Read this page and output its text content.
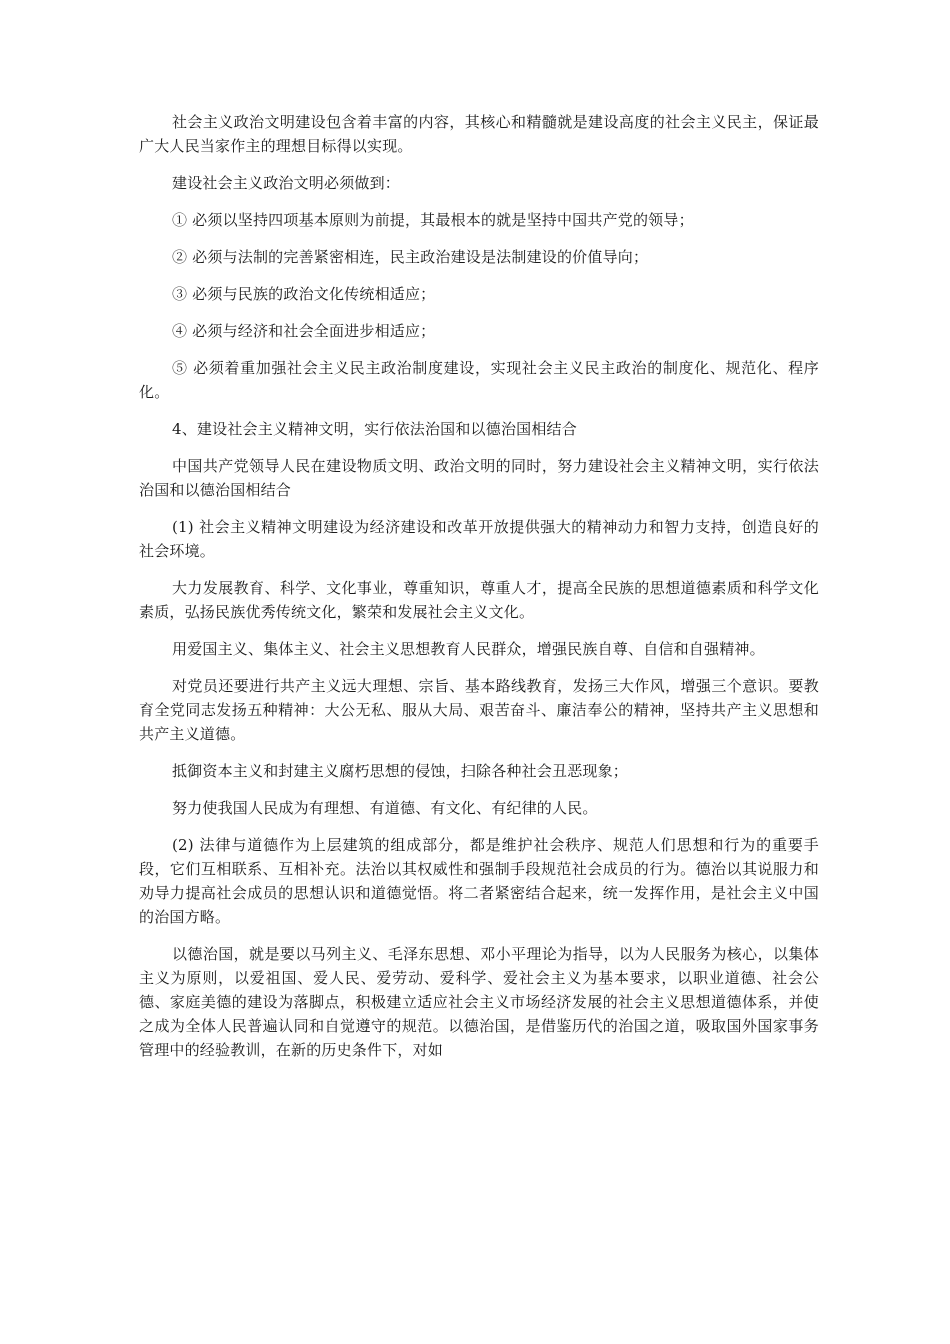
社会主义政治文明建设包含着丰富的内容，其核心和精髓就是建设高度的社会主义民主，保证最广大人民当家作主的理想目标得以实现。

建设社会主义政治文明必须做到：

① 必须以坚持四项基本原则为前提，其最根本的就是坚持中国共产党的领导；

② 必须与法制的完善紧密相连，民主政治建设是法制建设的价值导向；

③ 必须与民族的政治文化传统相适应；

④ 必须与经济和社会全面进步相适应；

⑤ 必须着重加强社会主义民主政治制度建设，实现社会主义民主政治的制度化、规范化、程序化。

4、建设社会主义精神文明，实行依法治国和以德治国相结合

中国共产党领导人民在建设物质文明、政治文明的同时，努力建设社会主义精神文明，实行依法治国和以德治国相结合

(1) 社会主义精神文明建设为经济建设和改革开放提供强大的精神动力和智力支持，创造良好的社会环境。

大力发展教育、科学、文化事业，尊重知识，尊重人才，提高全民族的思想道德素质和科学文化素质，弘扬民族优秀传统文化，繁荣和发展社会主义文化。

用爱国主义、集体主义、社会主义思想教育人民群众，增强民族自尊、自信和自强精神。

对党员还要进行共产主义远大理想、宗旨、基本路线教育，发扬三大作风，增强三个意识。要教育全党同志发扬五种精神：大公无私、服从大局、艰苦奋斗、廉洁奉公的精神，坚持共产主义思想和共产主义道德。

抵御资本主义和封建主义腐朽思想的侵蚀，扫除各种社会丑恶现象；

努力使我国人民成为有理想、有道德、有文化、有纪律的人民。

(2) 法律与道德作为上层建筑的组成部分，都是维护社会秩序、规范人们思想和行为的重要手段，它们互相联系、互相补充。法治以其权威性和强制手段规范社会成员的行为。德治以其说服力和劝导力提高社会成员的思想认识和道德觉悟。将二者紧密结合起来，统一发挥作用，是社会主义中国的治国方略。

以德治国，就是要以马列主义、毛泽东思想、邓小平理论为指导，以为人民服务为核心，以集体主义为原则，以爱祖国、爱人民、爱劳动、爱科学、爱社会主义为基本要求，以职业道德、社会公德、家庭美德的建设为落脚点，积极建立适应社会主义市场经济发展的社会主义思想道德体系，并使之成为全体人民普遍认同和自觉遵守的规范。以德治国，是借鉴历代的治国之道，吸取国外国家事务管理中的经验教训，在新的历史条件下，对如
